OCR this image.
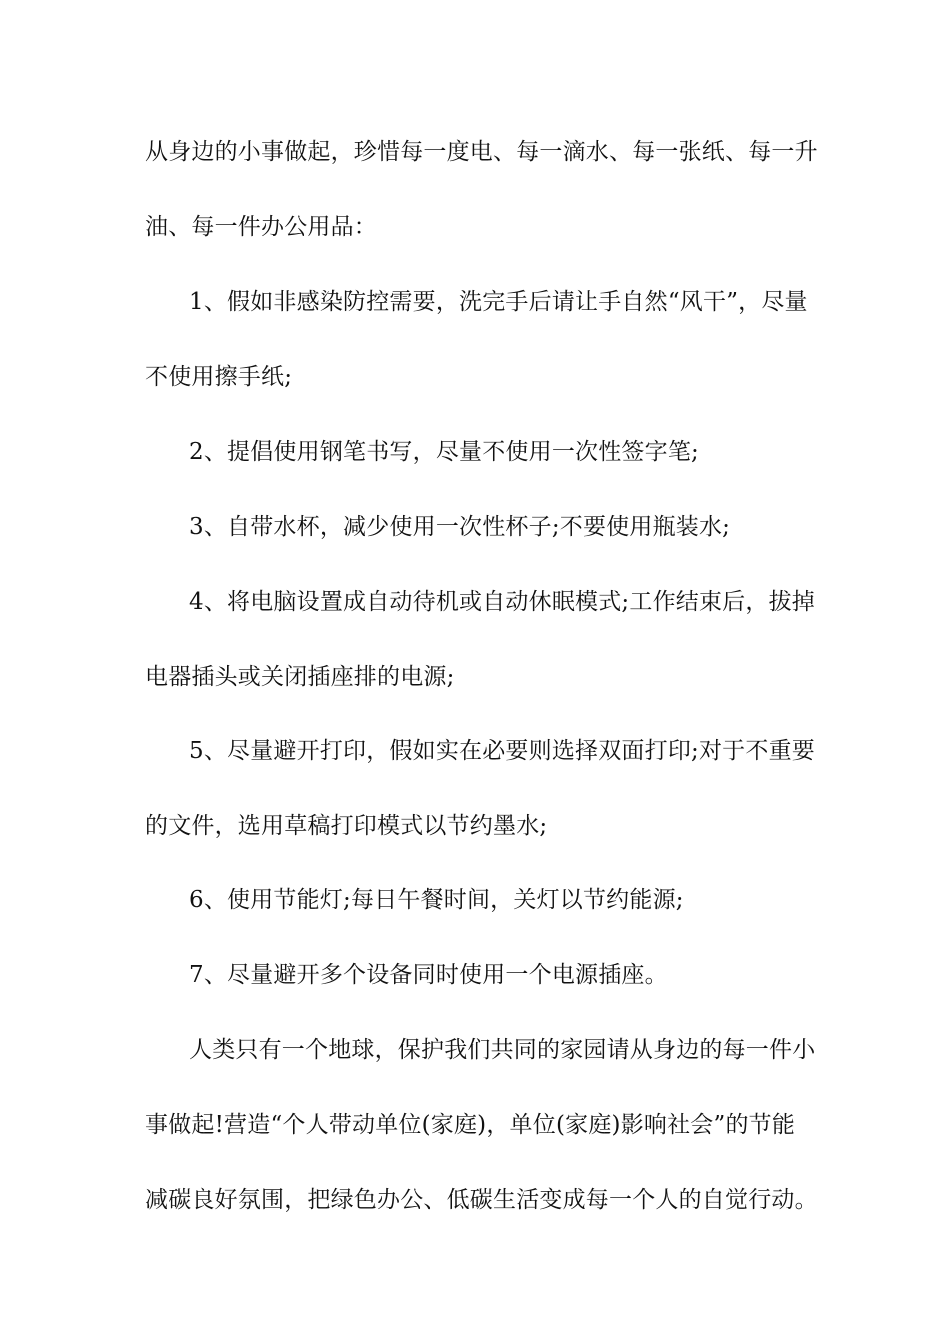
从身边的小事做起，珍惜每一度电、每一滴水、每一张纸、每一升
油、每一件办公用品：
1、假如非感染防控需要，洗完手后请让手自然“风干”，尽量
不使用擦手纸;
2、提倡使用钢笔书写，尽量不使用一次性签字笔;
3、自带水杯，减少使用一次性杯子;不要使用瓶装水;
4、将电脑设置成自动待机或自动休眠模式;工作结束后，拔掉
电器插头或关闭插座排的电源;
5、尽量避开打印，假如实在必要则选择双面打印;对于不重要
的文件，选用草稿打印模式以节约墨水;
6、使用节能灯;每日午餐时间，关灯以节约能源;
7、尽量避开多个设备同时使用一个电源插座。
人类只有一个地球，保护我们共同的家园请从身边的每一件小
事做起!营造“个人带动单位(家庭)，单位(家庭)影响社会”的节能
减碳良好氛围，把绿色办公、低碳生活变成每一个人的自觉行动。
